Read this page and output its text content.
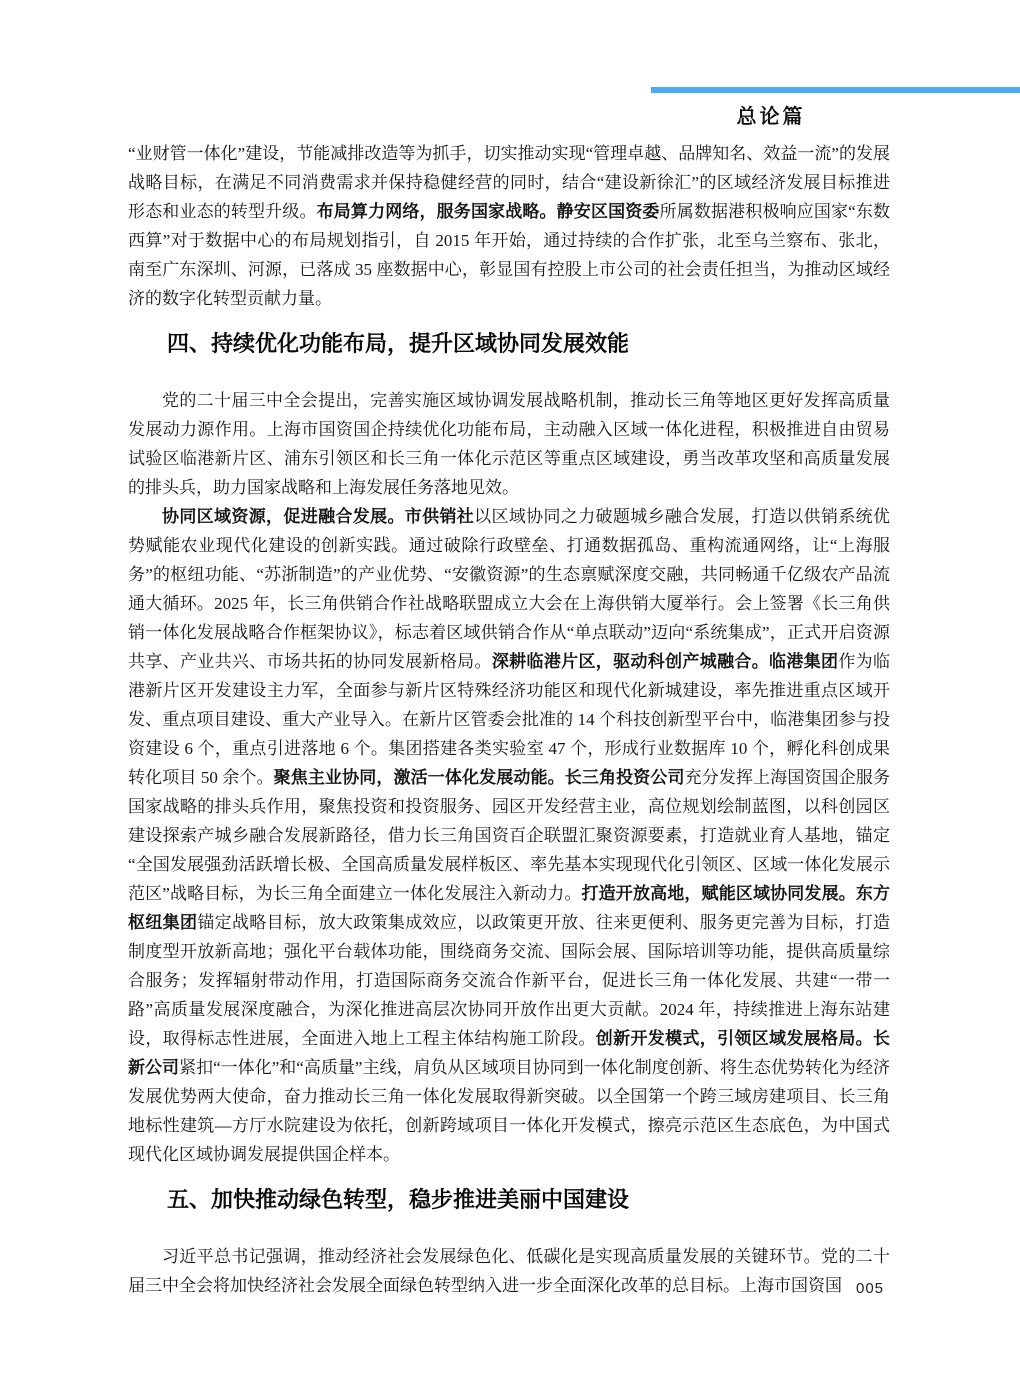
总论篇

“业财管一体化”建设，节能减排改造等为抓手，切实推动实现“管理卓越、品牌知名、效益一流”的发展战略目标，在满足不同消费需求并保持稳健经营的同时，结合“建设新徐汇”的区域经济发展目标推进形态和业态的转型升级。布局算力网络，服务国家战略。静安区国资委所属数据港积极响应国家“东数西算”对于数据中心的布局规划指引，自 2015 年开始，通过持续的合作扩张，北至乌兰察布、张北，南至广东深圳、河源，已落成 35 座数据中心，彰显国有控股上市公司的社会责任担当，为推动区域经济的数字化转型贡献力量。

四、持续优化功能布局，提升区域协同发展效能

党的二十届三中全会提出，完善实施区域协调发展战略机制，推动长三角等地区更好发挥高质量发展动力源作用。上海市国资国企持续优化功能布局，主动融入区域一体化进程，积极推进自由贸易试验区临港新片区、浦东引领区和长三角一体化示范区等重点区域建设，勇当改革攻坚和高质量发展的排头兵，助力国家战略和上海发展任务落地见效。

协同区域资源，促进融合发展。市供销社以区域协同之力破题城乡融合发展，打造以供销系统优势赋能农业现代化建设的创新实践。通过破除行政壁垒、打通数据孤岛、重构流通网络，让“上海服务”的枢纽功能、“苏浙制造”的产业优势、“安徽资源”的生态禀赋深度交融，共同畅通千亿级农产品流通大循环。2025 年，长三角供销合作社战略联盟成立大会在上海供销大厦举行。会上签署《长三角供销一体化发展战略合作框架协议》，标志着区域供销合作从“单点联动”迈向“系统集成”，正式开启资源共享、产业共兴、市场共拓的协同发展新格局。深耕临港片区，驱动科创产城融合。临港集团作为临港新片区开发建设主力军，全面参与新片区特殊经济功能区和现代化新城建设，率先推进重点区域开发、重点项目建设、重大产业导入。在新片区管委会批准的 14 个科技创新型平台中，临港集团参与投资建设 6 个，重点引进落地 6 个。集团搭建各类实验室 47 个，形成行业数据库 10 个，孵化科创成果转化项目 50 余个。聚焦主业协同，激活一体化发展动能。长三角投资公司充分发挥上海国资国企服务国家战略的排头兵作用，聚焦投资和投资服务、园区开发经营主业，高位规划绘制蓝图，以科创园区建设探索产城乡融合发展新路径，借力长三角国资百企联盟汇聚资源要素，打造就业育人基地，锚定“全国发展强劲活跃增长极、全国高质量发展样板区、率先基本实现现代化引领区、区域一体化发展示范区”战略目标，为长三角全面建立一体化发展注入新动力。打造开放高地，赋能区域协同发展。东方枢纽集团锚定战略目标，放大政策集成效应，以政策更开放、往来更便利、服务更完善为目标，打造制度型开放新高地；强化平台载体功能，围绕商务交流、国际会展、国际培训等功能，提供高质量综合服务；发挥辐射带动作用，打造国际商务交流合作新平台，促进长三角一体化发展、共建“一带一路”高质量发展深度融合，为深化推进高层次协同开放作出更大贡献。2024 年，持续推进上海东站建设，取得标志性进展，全面进入地上工程主体结构施工阶段。创新开发模式，引领区域发展格局。长新公司紧扣“一体化”和“高质量”主线，肩负从区域项目协同到一体化制度创新、将生态优势转化为经济发展优势两大使命，奋力推动长三角一体化发展取得新突破。以全国第一个跨三域房建项目、长三角地标性建筑—方厅水院建设为依托，创新跨域项目一体化开发模式，擦亮示范区生态底色，为中国式现代化区域协调发展提供国企样本。

五、加快推动绿色转型，稳步推进美丽中国建设

习近平总书记强调，推动经济社会发展绿色化、低碳化是实现高质量发展的关键环节。党的二十届三中全会将加快经济社会发展全面绿色转型纳入进一步全面深化改革的总目标。上海市国资国 005
